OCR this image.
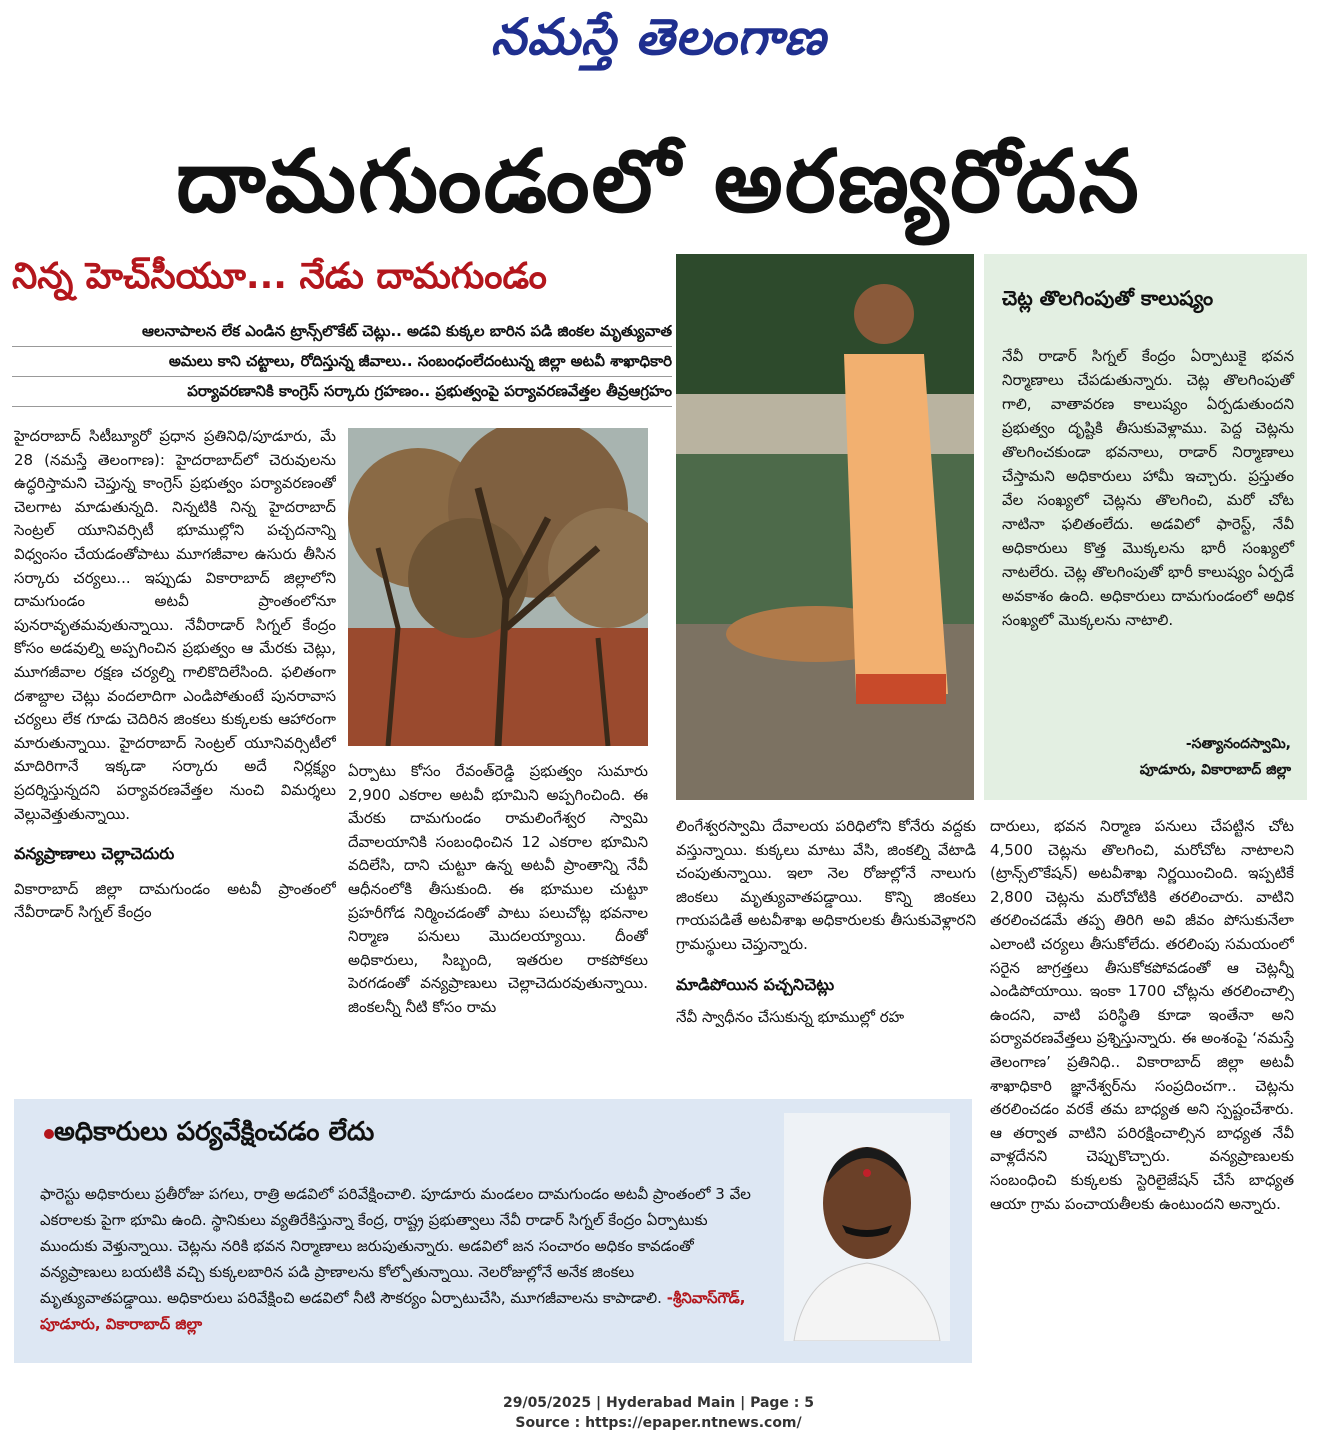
నమస్తే తెలంగాణ
దామగుండంలో అరణ్యరోదన
నిన్న హెచ్‌సీయూ... నేడు దామగుండం
ఆలనాపాలన లేక ఎండిన ట్రాన్స్‌లొకేట్ చెట్లు.. అడవి కుక్కల బారిన పడి జింకల మృత్యువాత
అమలు కాని చట్టాలు, రోదిస్తున్న జీవాలు.. సంబంధంలేదంటున్న జిల్లా అటవీ శాఖాధికారి
పర్యావరణానికి కాంగ్రెస్ సర్కారు గ్రహణం.. ప్రభుత్వంపై పర్యావరణవేత్తల తీవ్రఆగ్రహం

హైదరాబాద్ సిటీబ్యూరో ప్రధాన ప్రతినిధి/పూడూరు, మే 28 (నమస్తే తెలంగాణ): హైదరాబాద్‌లో చెరువులను ఉద్ధరిస్తామని చెప్తున్న కాంగ్రెస్ ప్రభుత్వం పర్యావరణంతో చెలగాట మాడుతున్నది. నిన్నటికి నిన్న హైదరాబాద్ సెంట్రల్ యూనివర్సిటీ భూముల్లోని పచ్చదనాన్ని విధ్వంసం చేయడంతోపాటు మూగజీవాల ఉసురు తీసిన సర్కారు చర్యలు... ఇప్పుడు వికారాబాద్ జిల్లాలోని దామగుండం అటవీ ప్రాంతంలోనూ పునరావృతమవుతున్నాయి. నేవీరాడార్ సిగ్నల్ కేంద్రం కోసం అడవుల్ని అప్పగించిన ప్రభుత్వం ఆ మేరకు చెట్లు, మూగజీవాల రక్షణ చర్యల్ని గాలికొదిలేసింది. ఫలితంగా దశాబ్దాల చెట్లు వందలాదిగా ఎండిపోతుంటే పునరావాస చర్యలు లేక గూడు చెదిరిన జింకలు కుక్కలకు ఆహారంగా మారుతున్నాయి. హైదరాబాద్ సెంట్రల్ యూనివర్సిటీలో మాదిరిగానే ఇక్కడా సర్కారు అదే నిర్లక్ష్యం ప్రదర్శిస్తున్నదని పర్యావరణవేత్తల నుంచి విమర్శలు వెల్లువెత్తుతున్నాయి.

వన్యప్రాణాలు చెల్లాచెదురు

వికారాబాద్ జిల్లా దామగుండం అటవీ ప్రాంతంలో నేవీరాడార్ సిగ్నల్ కేంద్రం

ఏర్పాటు కోసం రేవంత్‌రెడ్డి ప్రభుత్వం సుమారు 2,900 ఎకరాల అటవీ భూమిని అప్పగించింది. ఈ మేరకు దామగుండం రామలింగేశ్వర స్వామి దేవాలయానికి సంబంధించిన 12 ఎకరాల భూమిని వదిలేసి, దాని చుట్టూ ఉన్న అటవీ ప్రాంతాన్ని నేవీ ఆధీనంలోకి తీసుకుంది. ఈ భూముల చుట్టూ ప్రహరీగోడ నిర్మించడంతో పాటు పలుచోట్ల భవనాల నిర్మాణ పనులు మొదలయ్యాయి. దీంతో అధికారులు, సిబ్బంది, ఇతరుల రాకపోకలు పెరగడంతో వన్యప్రాణులు చెల్లాచెదురవుతున్నాయి. జింకలన్నీ నీటి కోసం రామ

లింగేశ్వరస్వామి దేవాలయ పరిధిలోని కోనేరు వద్దకు వస్తున్నాయి. కుక్కలు మాటు వేసి, జింకల్ని వేటాడి చంపుతున్నాయి. ఇలా నెల రోజుల్లోనే నాలుగు జింకలు మృత్యువాతపడ్డాయి. కొన్ని జింకలు గాయపడితే అటవీశాఖ అధికారులకు తీసుకువెళ్లారని గ్రామస్థులు చెప్తున్నారు.

మాడిపోయిన పచ్చనిచెట్లు

నేవీ స్వాధీనం చేసుకున్న భూముల్లో రహ

చెట్ల తొలగింపుతో కాలుష్యం
నేవీ రాడార్ సిగ్నల్ కేంద్రం ఏర్పాటుకై భవన నిర్మాణాలు చేపడుతున్నారు. చెట్ల తొలగింపుతో గాలి, వాతావరణ కాలుష్యం ఏర్పడుతుందని ప్రభుత్వం దృష్టికి తీసుకువెళ్లాము. పెద్ద చెట్లను తొలగించకుండా భవనాలు, రాడార్ నిర్మాణాలు చేస్తామని అధికారులు హామీ ఇచ్చారు. ప్రస్తుతం వేల సంఖ్యలో చెట్లను తొలగించి, మరో చోట నాటినా ఫలితంలేదు. అడవిలో ఫారెస్ట్, నేవీ అధికారులు కొత్త మొక్కలను భారీ సంఖ్యలో నాటలేరు. చెట్ల తొలగింపుతో భారీ కాలుష్యం ఏర్పడే అవకాశం ఉంది. అధికారులు దామగుండంలో అధిక సంఖ్యలో మొక్కలను నాటాలి.
-సత్యానందస్వామి,
పూడూరు, వికారాబాద్ జిల్లా

దారులు, భవన నిర్మాణ పనులు చేపట్టిన చోట 4,500 చెట్లను తొలగించి, మరోచోట నాటాలని (ట్రాన్స్‌లొకేషన్) అటవీశాఖ నిర్ణయించింది. ఇప్పటికే 2,800 చెట్లను మరోచోటికి తరలించారు. వాటిని తరలించడమే తప్ప తిరిగి అవి జీవం పోసుకునేలా ఎలాంటి చర్యలు తీసుకోలేదు. తరలింపు సమయంలో సరైన జాగ్రత్తలు తీసుకోకపోవడంతో ఆ చెట్లన్నీ ఎండిపోయాయి. ఇంకా 1700 చోట్లను తరలించాల్సి ఉందని, వాటి పరిస్థితి కూడా ఇంతేనా అని పర్యావరణవేత్తలు ప్రశ్నిస్తున్నారు. ఈ అంశంపై ‘నమస్తే తెలంగాణ’ ప్రతినిధి.. వికారాబాద్ జిల్లా అటవీ శాఖాధికారి జ్ఞానేశ్వర్‌ను సంప్రదించగా.. చెట్లను తరలించడం వరకే తమ బాధ్యత అని స్పష్టంచేశారు. ఆ తర్వాత వాటిని పరిరక్షించాల్సిన బాధ్యత నేవీ వాళ్లదేనని చెప్పుకొచ్చారు. వన్యప్రాణులకు సంబంధించి కుక్కలకు స్టెరిలైజేషన్ చేసే బాధ్యత ఆయా గ్రామ పంచాయతీలకు ఉంటుందని అన్నారు.

అధికారులు పర్యవేక్షించడం లేదు
ఫారెస్టు అధికారులు ప్రతీరోజు పగలు, రాత్రి అడవిలో పరివేక్షించాలి. పూడూరు మండలం దామగుండం అటవీ ప్రాంతంలో 3 వేల ఎకరాలకు పైగా భూమి ఉంది. స్థానికులు వ్యతిరేకిస్తున్నా కేంద్ర, రాష్ట్ర ప్రభుత్వాలు నేవీ రాడార్ సిగ్నల్ కేంద్రం ఏర్పాటుకు ముందుకు వెళ్తున్నాయి. చెట్లను నరికి భవన నిర్మాణాలు జరుపుతున్నారు. అడవిలో జన సంచారం అధికం కావడంతో వన్యప్రాణులు బయటికి వచ్చి కుక్కలబారిన పడి ప్రాణాలను కోల్పోతున్నాయి. నెలరోజుల్లోనే అనేక జింకలు మృత్యువాతపడ్డాయి. అధికారులు పరివేక్షించి అడవిలో నీటి సౌకర్యం ఏర్పాటుచేసి, మూగజీవాలను కాపాడాలి. -శ్రీనివాస్‌గౌడ్, పూడూరు, వికారాబాద్ జిల్లా
29/05/2025 | Hyderabad Main | Page : 5
Source : https://epaper.ntnews.com/
